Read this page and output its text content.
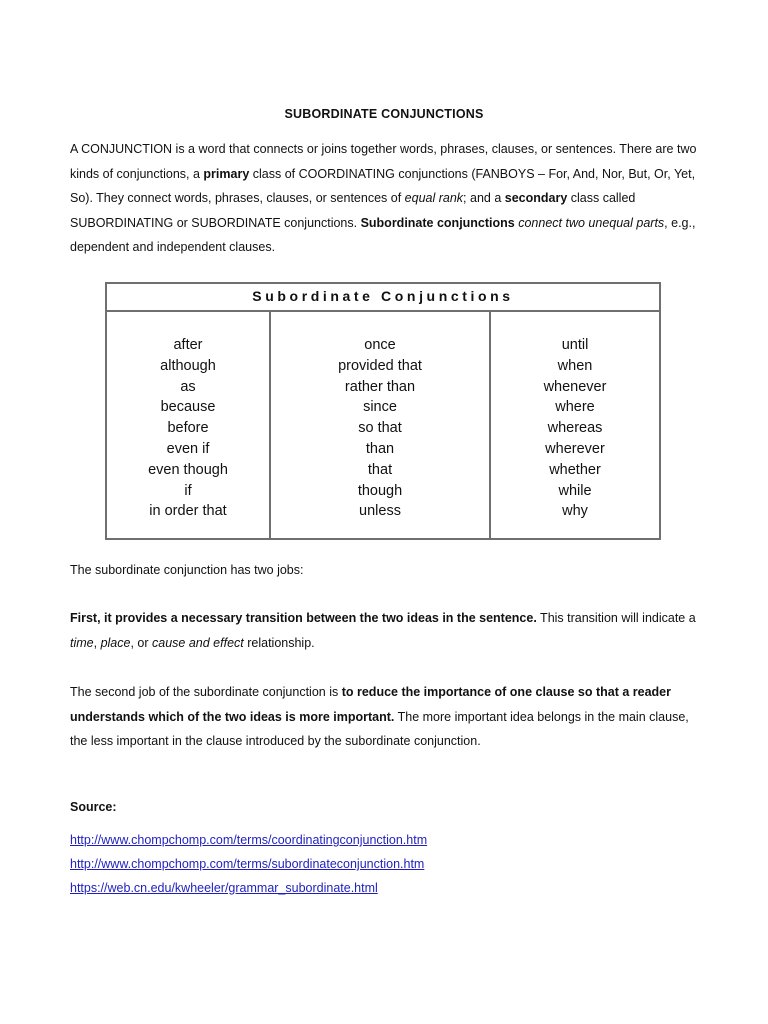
SUBORDINATE CONJUNCTIONS
A CONJUNCTION is a word that connects or joins together words, phrases, clauses, or sentences. There are two kinds of conjunctions, a primary class of COORDINATING conjunctions (FANBOYS – For, And, Nor, But, Or, Yet, So). They connect words, phrases, clauses, or sentences of equal rank; and a secondary class called SUBORDINATING or SUBORDINATE conjunctions. Subordinate conjunctions connect two unequal parts, e.g., dependent and independent clauses.
Subordinate Conjunctions
after
although
as
because
before
even if
even though
if
in order that
once
provided that
rather than
since
so that
than
that
though
unless
until
when
whenever
where
whereas
wherever
whether
while
why
The subordinate conjunction has two jobs:
First, it provides a necessary transition between the two ideas in the sentence. This transition will indicate a time, place, or cause and effect relationship.
The second job of the subordinate conjunction is to reduce the importance of one clause so that a reader understands which of the two ideas is more important. The more important idea belongs in the main clause, the less important in the clause introduced by the subordinate conjunction.
Source:
http://www.chompchomp.com/terms/coordinatingconjunction.htm
http://www.chompchomp.com/terms/subordinateconjunction.htm
https://web.cn.edu/kwheeler/grammar_subordinate.html
